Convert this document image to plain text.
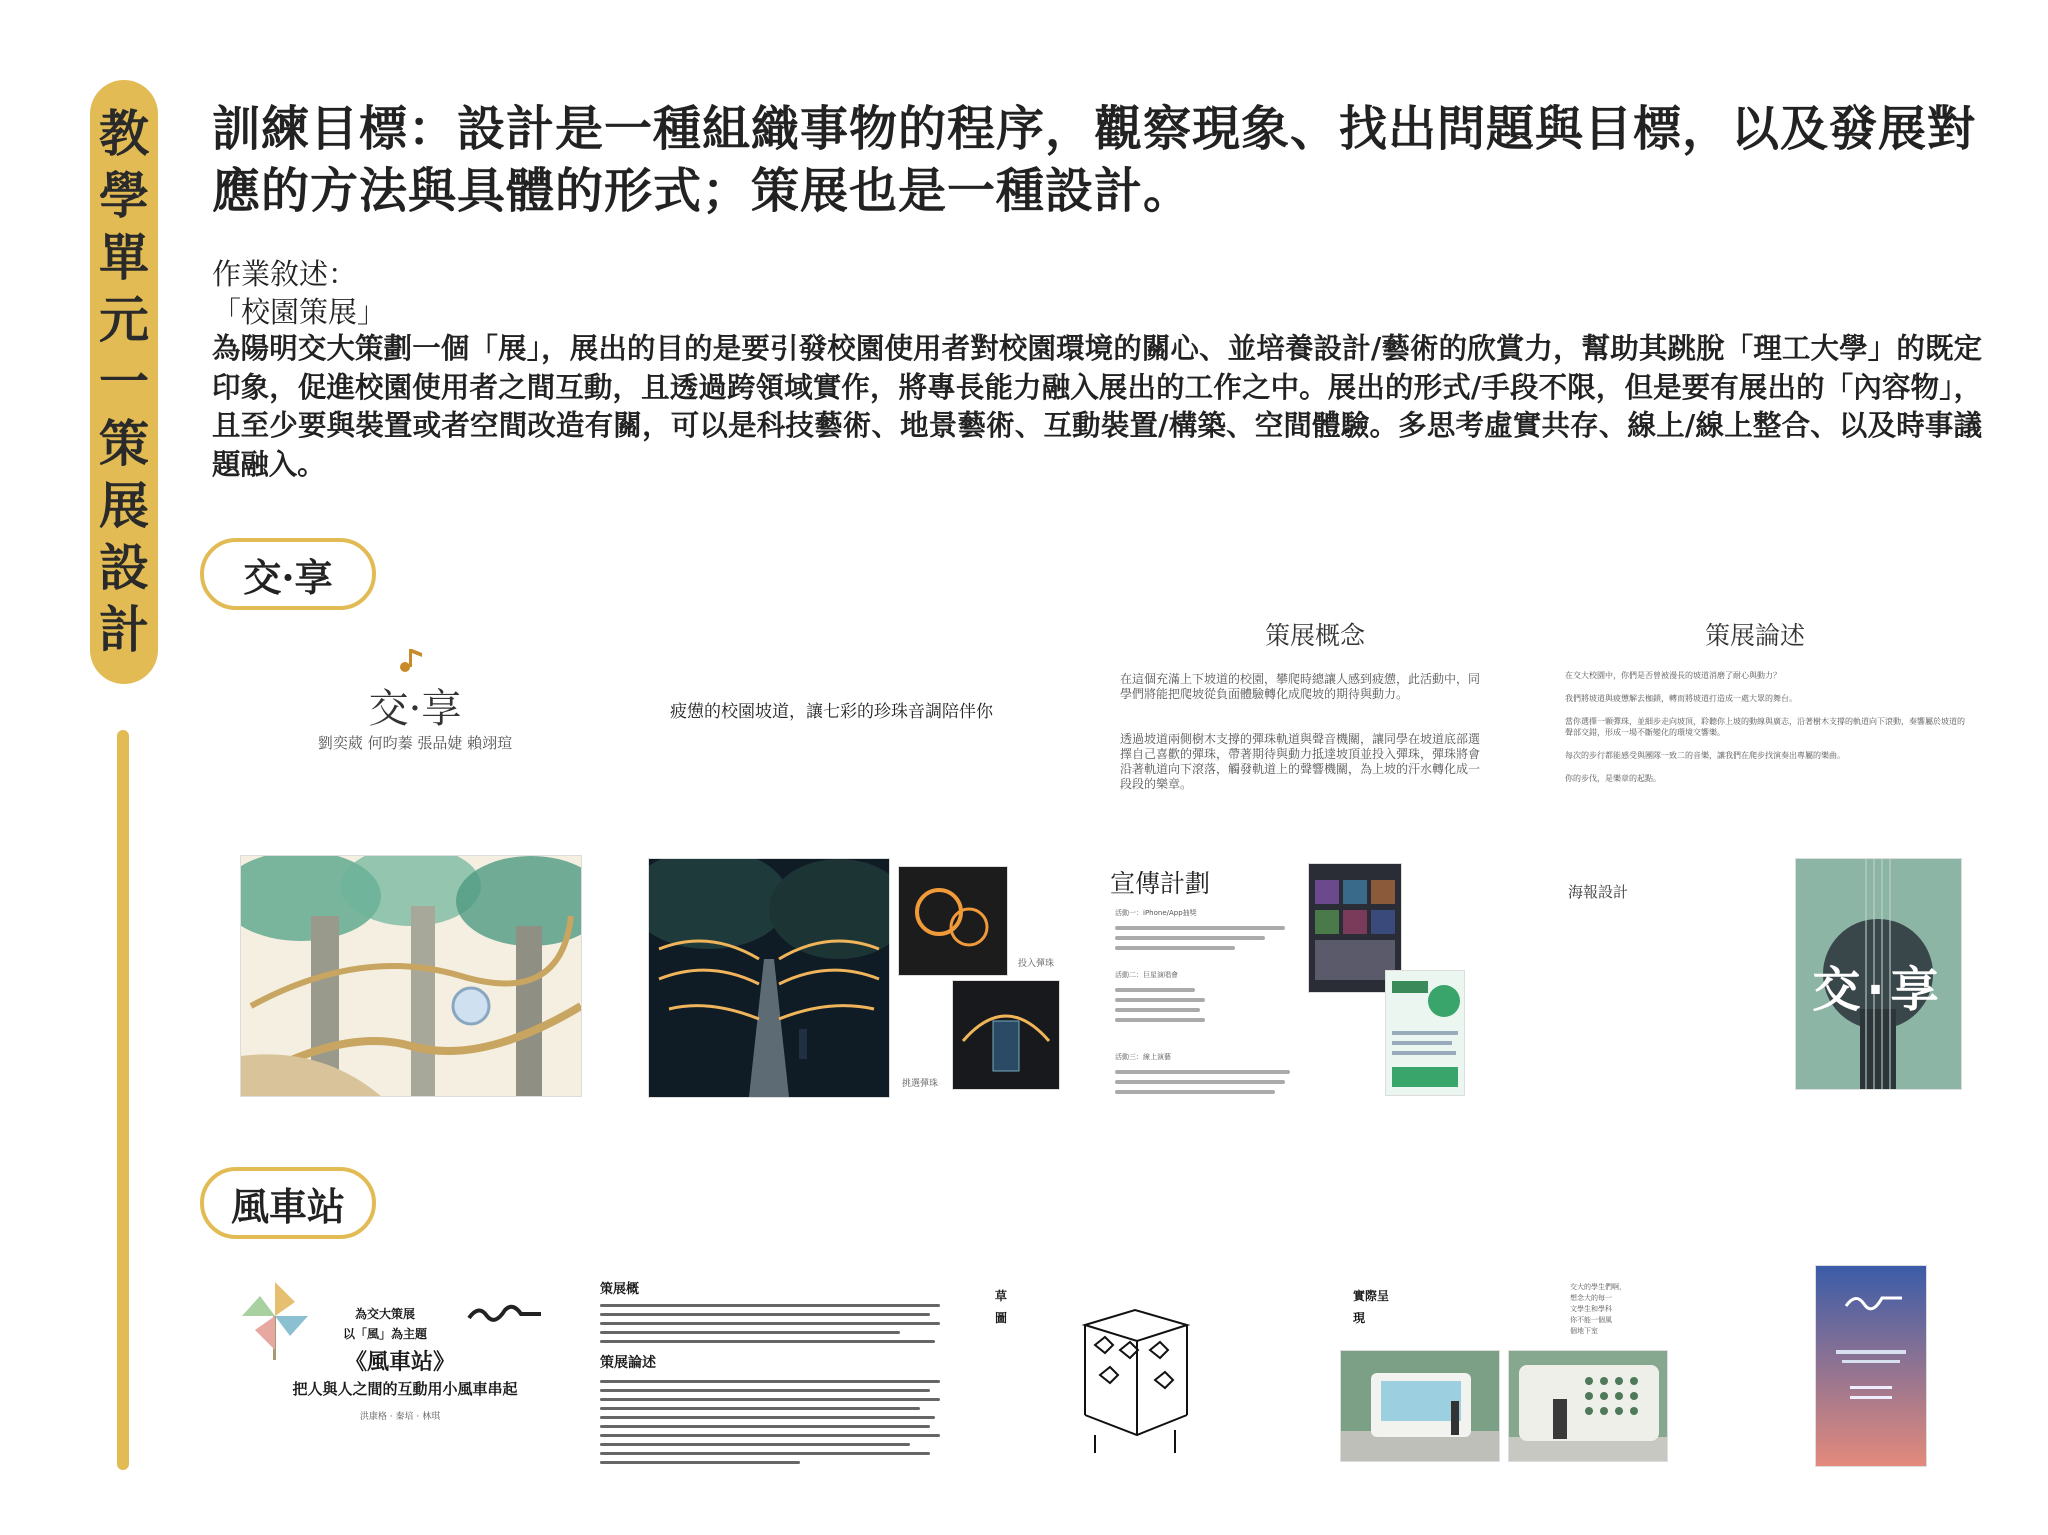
教
學
單
元
一
策
展
設
計
訓練目標：設計是一種組織事物的程序，觀察現象、找出問題與目標，以及發展對應的方法與具體的形式；策展也是一種設計。
作業敘述：
「校園策展」
為陽明交大策劃一個「展」，展出的目的是要引發校園使用者對校園環境的關心、並培養設計/藝術的欣賞力，幫助其跳脫「理工大學」的既定印象，促進校園使用者之間互動，且透過跨領域實作，將專長能力融入展出的工作之中。展出的形式/手段不限，但是要有展出的「內容物」，且至少要與裝置或者空間改造有關，可以是科技藝術、地景藝術、互動裝置/構築、空間體驗。多思考虛實共存、線上/線上整合、以及時事議題融入。
交·享
交·享
劉奕葳 何昀蓁 張品婕 賴翊瑄
疲憊的校園坡道，讓七彩的珍珠音調陪伴你
策展概念
在這個充滿上下坡道的校園，攀爬時總讓人感到疲憊，此活動中，同學們將能把爬坡從負面體驗轉化成爬坡的期待與動力。
透過坡道兩側樹木支撐的彈珠軌道與聲音機關，讓同學在坡道底部選擇自己喜歡的彈珠，帶著期待與動力抵達坡頂並投入彈珠，彈珠將會沿著軌道向下滾落，觸發軌道上的聲響機關，為上坡的汗水轉化成一段段的樂章。
策展論述
在交大校園中，你們是否曾被漫長的坡道消磨了耐心與動力？
我們將坡道與疲憊解去枷鎖，轉而將坡道打造成一處大眾的舞台。
當你選擇一顆彈珠，並細步走向坡頂，聆聽你上坡的動線與廣志，沿著樹木支撐的軌道向下滾動，奏響屬於坡道的聲部交錯，形成一場不斷變化的環境交響樂。
每次的步行都能感受與團隊一致二的音樂，讓我們在爬步找演奏出專屬的樂曲。
你的步伐，是樂章的起點。
投入彈珠
挑選彈珠
宣傳計劃
活動一：iPhone/App抽獎
活動二：巨星演唱會
活動三：線上演藝
海報設計
交·享
風車站
為交大策展
以「風」為主題
《風車站》
把人與人之間的互動用小風車串起
洪康格 · 秦培 · 林琪
策展概
策展論述
草圖
實際呈現
交大的學生們啊，
想念大的每一
文學生和學科
你不能一個風
個地下室
